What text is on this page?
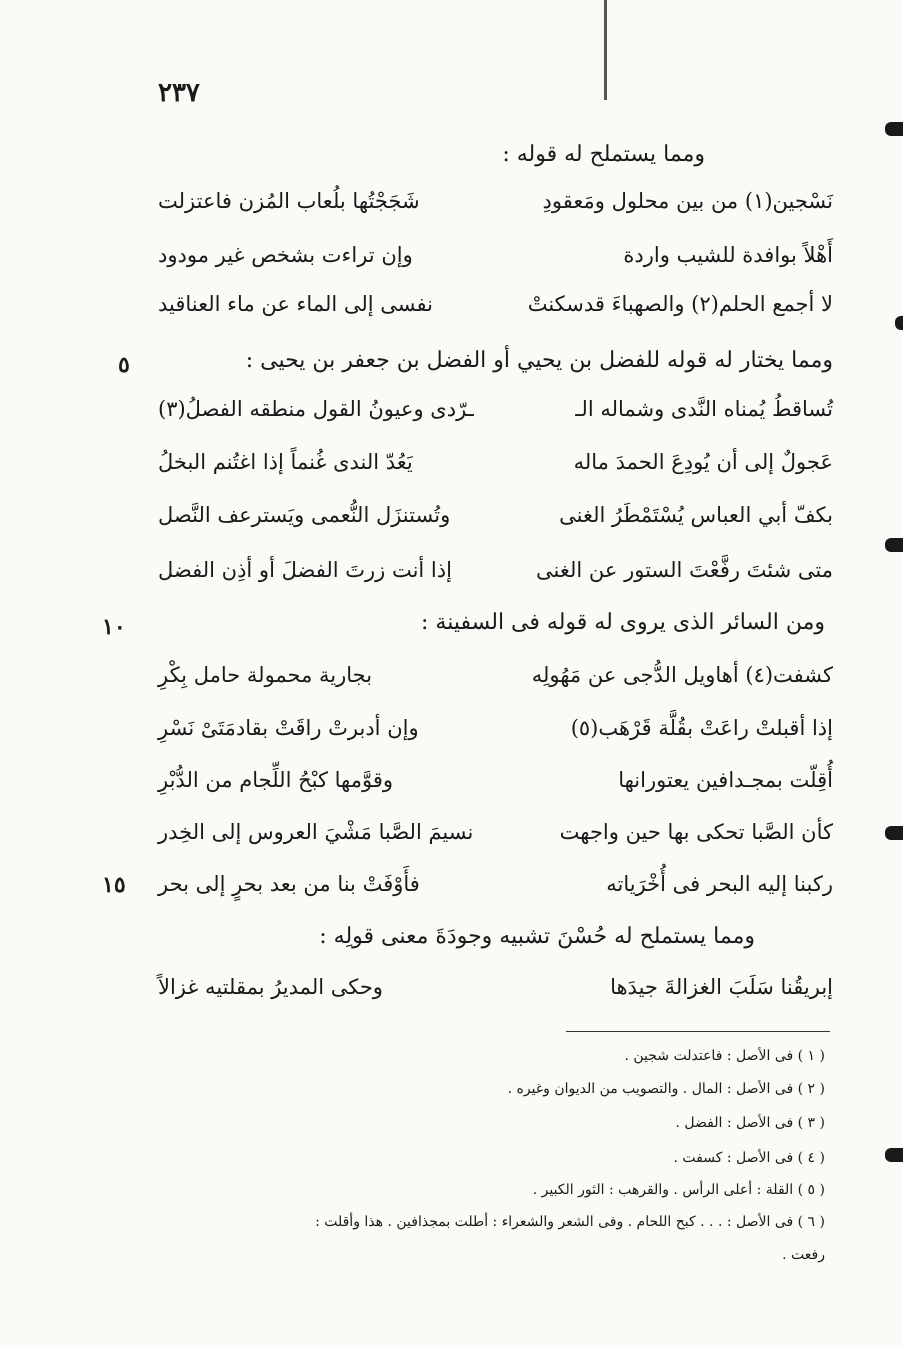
٢٣٧
٥
١٠
١٥
ومما يستملح له قوله :
نَسْجين(١) من بين محلول ومَعقودِ
شَجَجْتُها بلُعاب المُزن فاعتزلت
أَهْلاً بوافدة للشيب واردة
وإن تراءت بشخص غير مودود
لا أجمع الحلم(٢) والصهباءَ قدسكنتْ
نفسى إلى الماء عن ماء العناقيد
ومما يختار له قوله للفضل بن يحيي أو الفضل بن جعفر بن يحيى :
تُساقطُ يُمناه النَّدى وشماله الـ
ـرّدى وعيونُ القول منطقه الفصلُ(٣)
عَجولٌ إلى أن يُودِعَ الحمدَ ماله
يَعُدّ الندى غُنماً إذا اغتُنم البخلُ
بكفّ أبي العباس يُسْتَمْطَرُ الغنى
وتُستنزَل النُّعمى ويَسترعف النَّصل
متى شئتَ رفَّعْتَ الستور عن الغنى
إذا أنت زرتَ الفضلَ أو أذِن الفضل
ومن السائر الذى يروى له قوله فى السفينة :
كشفت(٤) أهاويل الدُّجى عن مَهُولِه
بجارية محمولة حامل بِكْرِ
إذا أقبلتْ راعَتْ بقُلَّة قَرْهَب(٥)
وإن أدبرتْ راقَتْ بقادمَتَىْ نَسْرِ
أُقِلّت بمجـدافين يعتورانها
وقوَّمها كبْحُ اللِّجام من الدُّبْرِ
كأن الصَّبا تحكى بها حين واجهت
نسيمَ الصَّبا مَشْيَ العروس إلى الخِدر
ركبنا إليه البحر فى أُخْرَياته
فأَوْفَتْ بنا من بعد بحرٍ إلى بحر
ومما يستملح له حُسْنَ تشبيه وجودَةَ معنى قولِه :
إبريقُنا سَلَبَ الغزالةَ جيدَها
وحكى المديرُ بمقلتيه غزالاً
( ١ ) فى الأصل : فاعتدلت شجين .
( ٢ ) فى الأصل : المال . والتصويب من الديوان وغيره .
( ٣ ) فى الأصل : الفضل .
( ٤ ) فى الأصل : كسفت .
( ٥ ) القلة : أعلى الرأس . والقرهب : الثور الكبير .
( ٦ ) فى الأصل : . . . كبح اللحام . وفى الشعر والشعراء : أطلت بمجذافين . هذا وأقلت :
رفعت .
